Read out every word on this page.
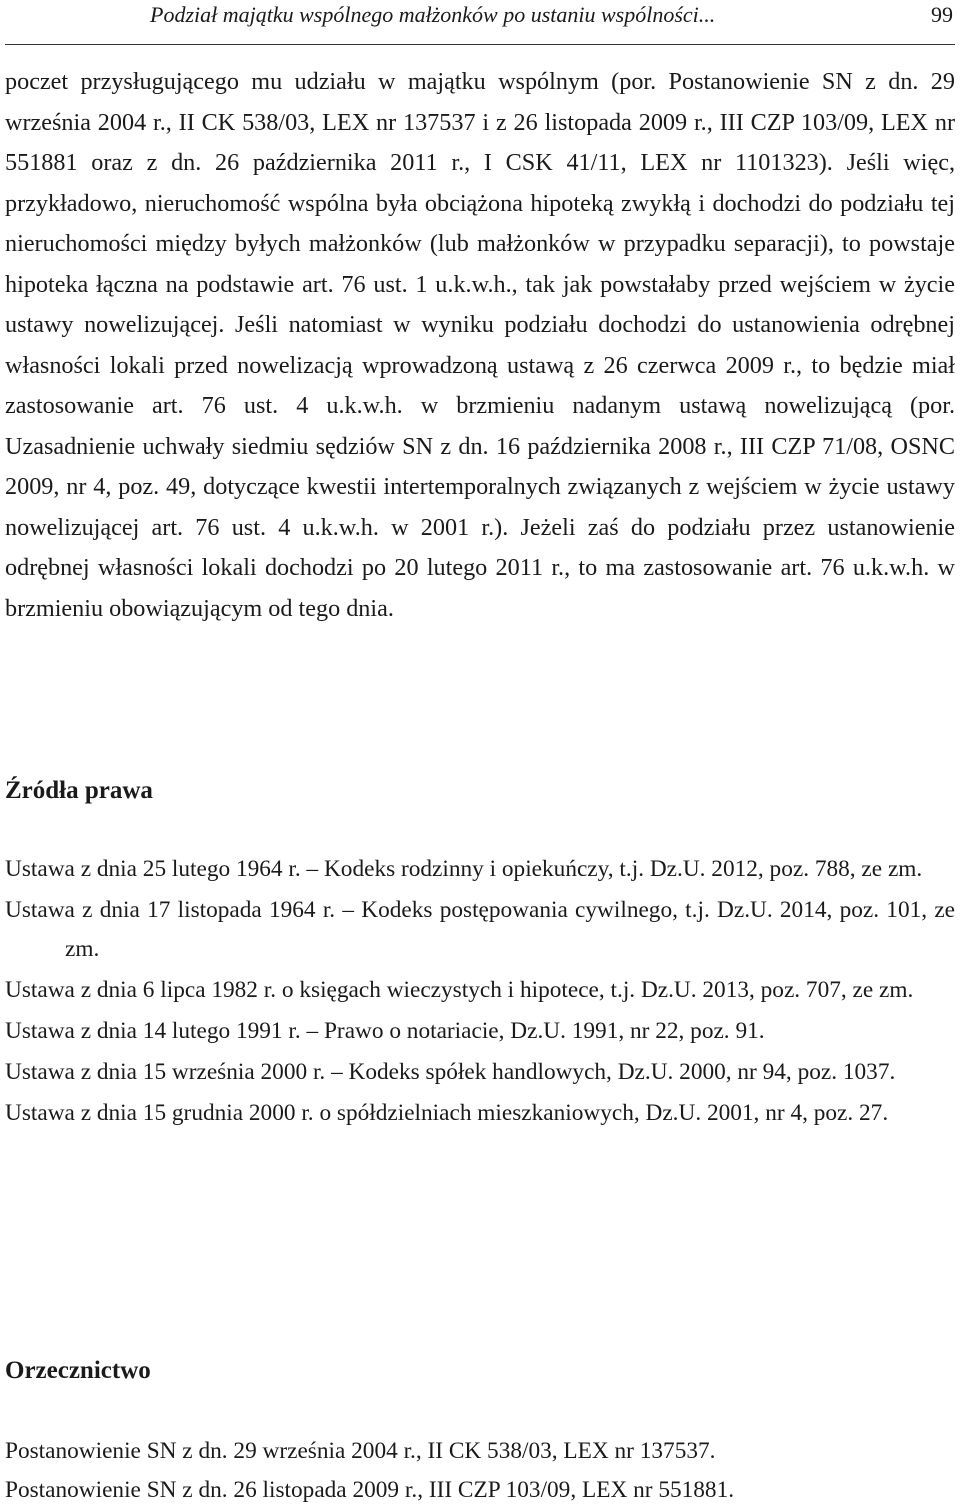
Podział majątku wspólnego małżonków po ustaniu wspólności...	99

poczet przysługującego mu udziału w majątku wspólnym (por. Postanowienie SN z dn. 29 września 2004 r., II CK 538/03, LEX nr 137537 i z 26 listopada 2009 r., III CZP 103/09, LEX nr 551881 oraz z dn. 26 października 2011 r., I CSK 41/11, LEX nr 1101323). Jeśli więc, przykładowo, nieruchomość wspólna była obciążona hipoteką zwykłą i dochodzi do podziału tej nieruchomości między byłych małżonków (lub małżonków w przypadku separacji), to powstaje hipoteka łączna na podstawie art. 76 ust. 1 u.k.w.h., tak jak powstałaby przed wejściem w życie ustawy nowelizującej. Jeśli natomiast w wyniku podziału dochodzi do ustanowienia odrębnej własności lokali przed nowelizacją wprowadzoną ustawą z 26 czerwca 2009 r., to będzie miał zastosowanie art. 76 ust. 4 u.k.w.h. w brzmieniu nadanym ustawą nowelizującą (por. Uzasadnienie uchwały siedmiu sędziów SN z dn. 16 października 2008 r., III CZP 71/08, OSNC 2009, nr 4, poz. 49, dotyczące kwestii intertemporalnych związanych z wejściem w życie ustawy nowelizującej art. 76 ust. 4 u.k.w.h. w 2001 r.). Jeżeli zaś do podziału przez ustanowienie odrębnej własności lokali dochodzi po 20 lutego 2011 r., to ma zastosowanie art. 76 u.k.w.h. w brzmieniu obowiązującym od tego dnia.

Źródła prawa
Ustawa z dnia 25 lutego 1964 r. – Kodeks rodzinny i opiekuńczy, t.j. Dz.U. 2012, poz. 788, ze zm.
Ustawa z dnia 17 listopada 1964 r. – Kodeks postępowania cywilnego, t.j. Dz.U. 2014, poz. 101, ze zm.
Ustawa z dnia 6 lipca 1982 r. o księgach wieczystych i hipotece, t.j. Dz.U. 2013, poz. 707, ze zm.
Ustawa z dnia 14 lutego 1991 r. – Prawo o notariacie, Dz.U. 1991, nr 22, poz. 91.
Ustawa z dnia 15 września 2000 r. – Kodeks spółek handlowych, Dz.U. 2000, nr 94, poz. 1037.
Ustawa z dnia 15 grudnia 2000 r. o spółdzielniach mieszkaniowych, Dz.U. 2001, nr 4, poz. 27.
Orzecznictwo
Postanowienie SN z dn. 29 września 2004 r., II CK 538/03, LEX nr 137537.
Postanowienie SN z dn. 26 listopada 2009 r., III CZP 103/09, LEX nr 551881.
